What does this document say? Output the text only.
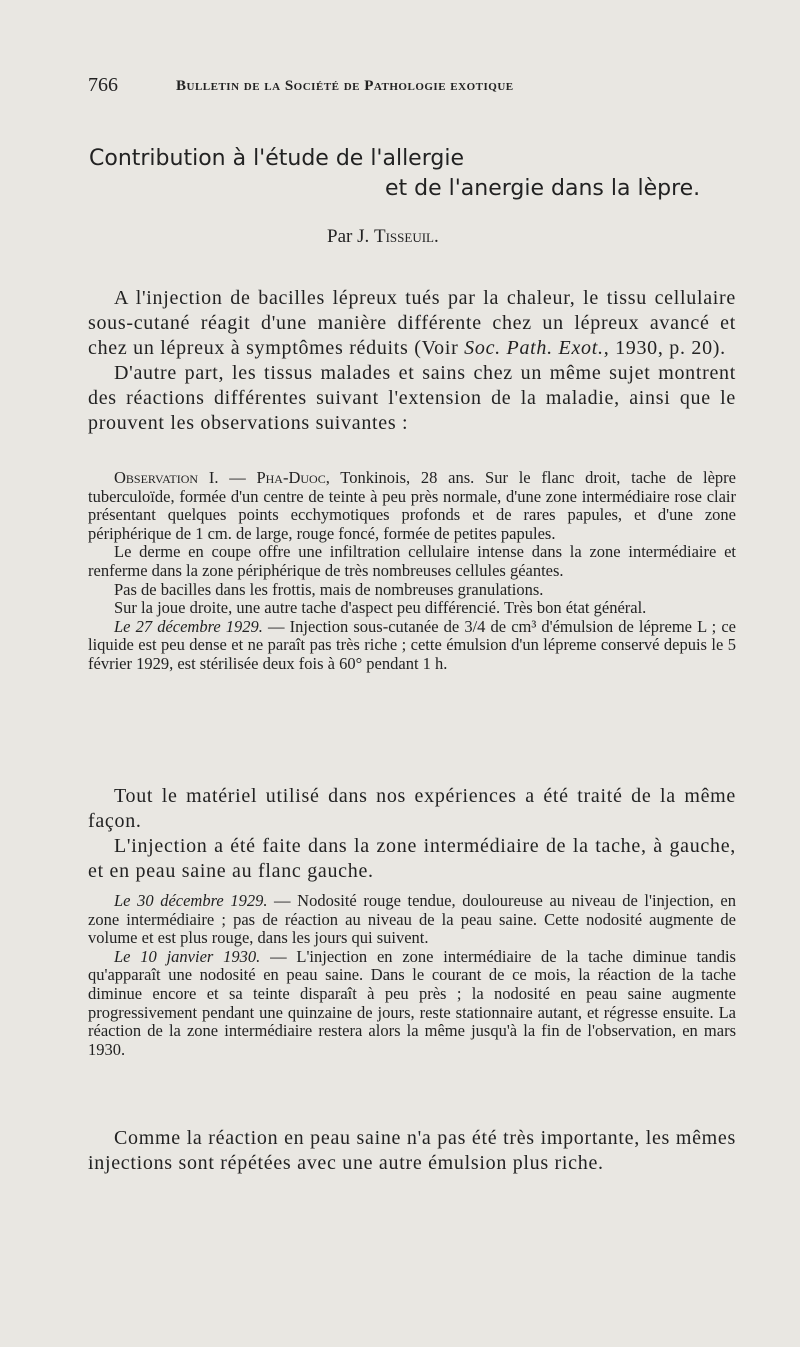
766	Bulletin de la Société de Pathologie exotique
Contribution à l'étude de l'allergie
et de l'anergie dans la lèpre.
Par J. Tisseuil.

A l'injection de bacilles lépreux tués par la chaleur, le tissu cellulaire sous-cutané réagit d'une manière différente chez un lépreux avancé et chez un lépreux à symptômes réduits (Voir Soc. Path. Exot., 1930, p. 20).

D'autre part, les tissus malades et sains chez un même sujet montrent des réactions différentes suivant l'extension de la maladie, ainsi que le prouvent les observations suivantes :

Observation I. — Pha-Duoc, Tonkinois, 28 ans. Sur le flanc droit, tache de lèpre tuberculoïde, formée d'un centre de teinte à peu près normale, d'une zone intermédiaire rose clair présentant quelques points ecchymotiques profonds et de rares papules, et d'une zone périphérique de 1 cm. de large, rouge foncé, formée de petites papules.

Le derme en coupe offre une infiltration cellulaire intense dans la zone intermédiaire et renferme dans la zone périphérique de très nombreuses cellules géantes.

Pas de bacilles dans les frottis, mais de nombreuses granulations.

Sur la joue droite, une autre tache d'aspect peu différencié. Très bon état général.

Le 27 décembre 1929. — Injection sous-cutanée de 3/4 de cm³ d'émulsion de lépreme L ; ce liquide est peu dense et ne paraît pas très riche ; cette émulsion d'un lépreme conservé depuis le 5 février 1929, est stérilisée deux fois à 60° pendant 1 h.

Tout le matériel utilisé dans nos expériences a été traité de la même façon.

L'injection a été faite dans la zone intermédiaire de la tache, à gauche, et en peau saine au flanc gauche.

Le 30 décembre 1929. — Nodosité rouge tendue, douloureuse au niveau de l'injection, en zone intermédiaire ; pas de réaction au niveau de la peau saine. Cette nodosité augmente de volume et est plus rouge, dans les jours qui suivent.

Le 10 janvier 1930. — L'injection en zone intermédiaire de la tache diminue tandis qu'apparaît une nodosité en peau saine. Dans le courant de ce mois, la réaction de la tache diminue encore et sa teinte disparaît à peu près ; la nodosité en peau saine augmente progressivement pendant une quinzaine de jours, reste stationnaire autant, et régresse ensuite. La réaction de la zone intermédiaire restera alors la même jusqu'à la fin de l'observation, en mars 1930.

Comme la réaction en peau saine n'a pas été très importante, les mêmes injections sont répétées avec une autre émulsion plus riche.
